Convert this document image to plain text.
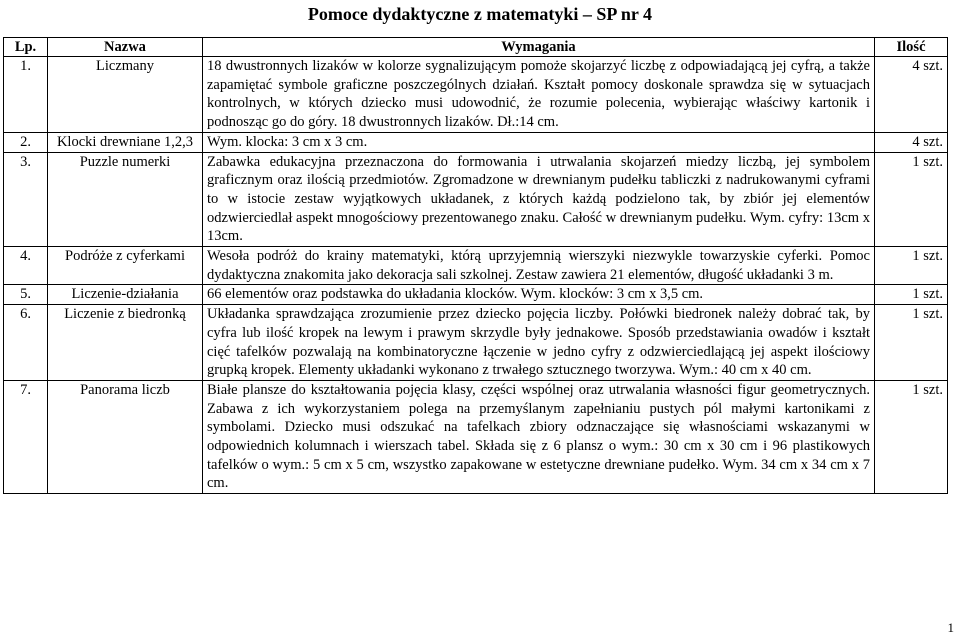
Pomoce dydaktyczne z matematyki – SP nr 4
Lp.	Nazwa	Wymagania	Ilość
1.	Liczmany	18 dwustronnych lizaków w kolorze sygnalizującym pomoże skojarzyć liczbę z odpowiadającą jej cyfrą, a także zapamiętać symbole graficzne poszczególnych działań. Kształt pomocy doskonale sprawdza się w sytuacjach kontrolnych, w których dziecko musi udowodnić, że rozumie polecenia, wybierając właściwy kartonik i podnosząc go do góry. 18 dwustronnych lizaków. Dł.:14 cm.	4 szt.
2.	Klocki drewniane 1,2,3	Wym. klocka: 3 cm x 3 cm.	4 szt.
3.	Puzzle numerki	Zabawka edukacyjna przeznaczona do formowania i utrwalania skojarzeń miedzy liczbą, jej symbolem graficznym oraz ilością przedmiotów. Zgromadzone w drewnianym pudełku tabliczki z nadrukowanymi cyframi to w istocie zestaw wyjątkowych układanek, z których każdą podzielono tak, by zbiór jej elementów odzwierciedlał aspekt mnogościowy prezentowanego znaku. Całość w drewnianym pudełku. Wym. cyfry: 13cm x 13cm.	1 szt.
4.	Podróże z cyferkami	Wesoła podróż do krainy matematyki, którą uprzyjemnią wierszyki niezwykle towarzyskie cyferki. Pomoc dydaktyczna znakomita jako dekoracja sali szkolnej. Zestaw zawiera 21 elementów, długość układanki 3 m.	1 szt.
5.	Liczenie-działania	66 elementów oraz podstawka do układania klocków. Wym. klocków: 3 cm x 3,5 cm.	1 szt.
6.	Liczenie z biedronką	Układanka sprawdzająca zrozumienie przez dziecko pojęcia liczby. Połówki biedronek należy dobrać tak, by cyfra lub ilość kropek na lewym i prawym skrzydle były jednakowe. Sposób przedstawiania owadów i kształt cięć tafelków pozwalają na kombinatoryczne łączenie w jedno cyfry z odzwierciedlającą jej aspekt ilościowy grupką kropek. Elementy układanki wykonano z trwałego sztucznego tworzywa. Wym.: 40 cm x 40 cm.	1 szt.
7.	Panorama liczb	Białe plansze do kształtowania pojęcia klasy, części wspólnej oraz utrwalania własności figur geometrycznych. Zabawa z ich wykorzystaniem polega na przemyślanym zapełnianiu pustych pól małymi kartonikami z symbolami. Dziecko musi odszukać na tafelkach zbiory odznaczające się własnościami wskazanymi w odpowiednich kolumnach i wierszach tabel. Składa się z 6 plansz o wym.: 30 cm x 30 cm i 96 plastikowych tafelków o wym.: 5 cm x 5 cm, wszystko zapakowane w estetyczne drewniane pudełko. Wym. 34 cm x 34 cm x 7 cm.	1 szt.
1
